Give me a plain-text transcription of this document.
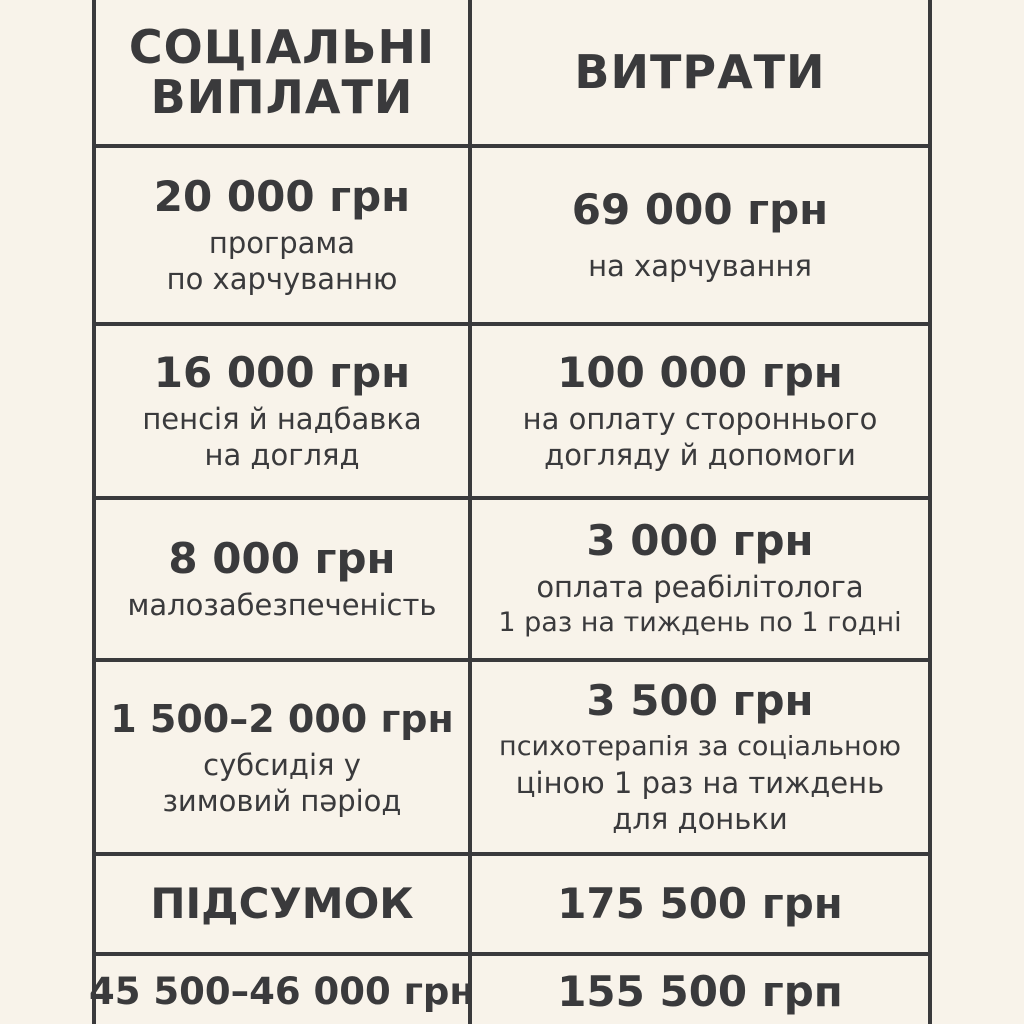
СОЦІАЛЬНІ
ВИПЛАТИ	ВИТРАТИ
20 000 грн
програма
по харчуванню
69 000 грн
на харчування
16 000 грн
пенсія й надбавка
на догляд
100 000 грн
на оплату стороннього
догляду й допомоги
8 000 грн
малозабезпеченість
3 000 грн
оплата реабілітолога
1 раз на тиждень по 1 годні
1 500–2 000 грн
субсидія у
зимовий пәріод
3 500 грн
психотерапія за соціальною
ціною 1 раз на тиждень
для доньки
ПІДСУМОК	175 500 грн
45 500–46 000 грн 155 500 грп
